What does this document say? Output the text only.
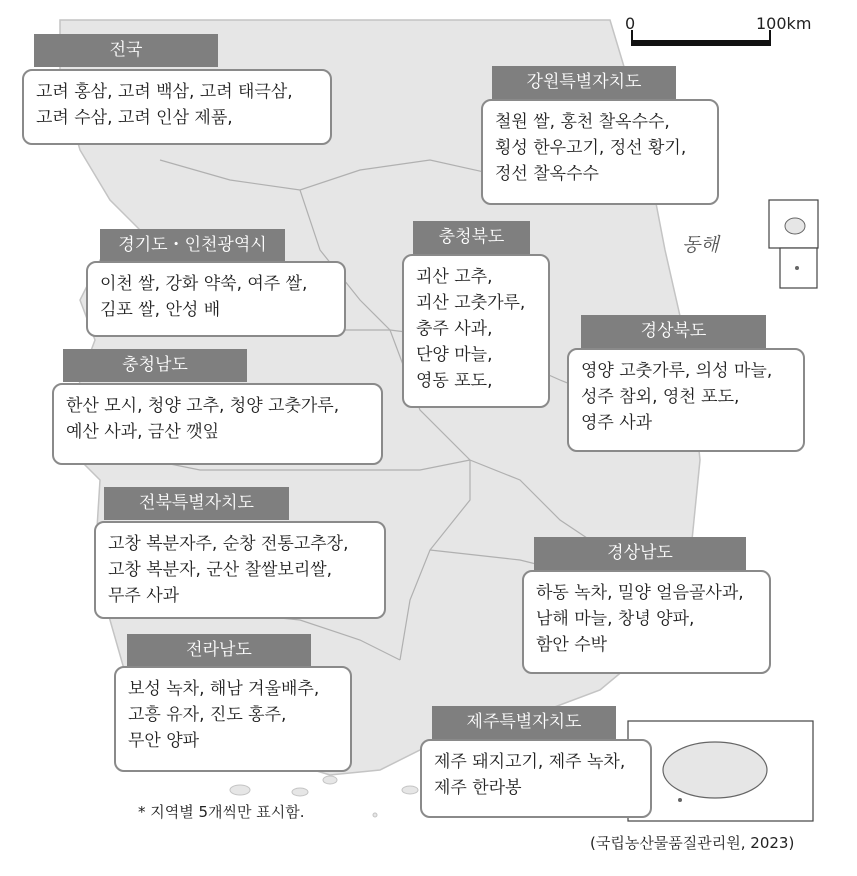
0	100km
동해
전국
고려 홍삼, 고려 백삼, 고려 태극삼,
고려 수삼, 고려 인삼 제품,
강원특별자치도
철원 쌀, 홍천 찰옥수수,
횡성 한우고기, 정선 황기,
정선 찰옥수수
경기도・인천광역시
이천 쌀, 강화 약쑥, 여주 쌀,
김포 쌀, 안성 배
충청북도
괴산 고추,
괴산 고춧가루,
충주 사과,
단양 마늘,
영동 포도,
경상북도
영양 고춧가루, 의성 마늘,
성주 참외, 영천 포도,
영주 사과
충청남도
한산 모시, 청양 고추, 청양 고춧가루,
예산 사과, 금산 깻잎
전북특별자치도
고창 복분자주, 순창 전통고추장,
고창 복분자, 군산 찰쌀보리쌀,
무주 사과
경상남도
하동 녹차, 밀양 얼음골사과,
남해 마늘, 창녕 양파,
함안 수박
전라남도
보성 녹차, 해남 겨울배추,
고흥 유자, 진도 홍주,
무안 양파
제주특별자치도
제주 돼지고기, 제주 녹차,
제주 한라봉
* 지역별 5개씩만 표시함.
(국립농산물품질관리원, 2023)
